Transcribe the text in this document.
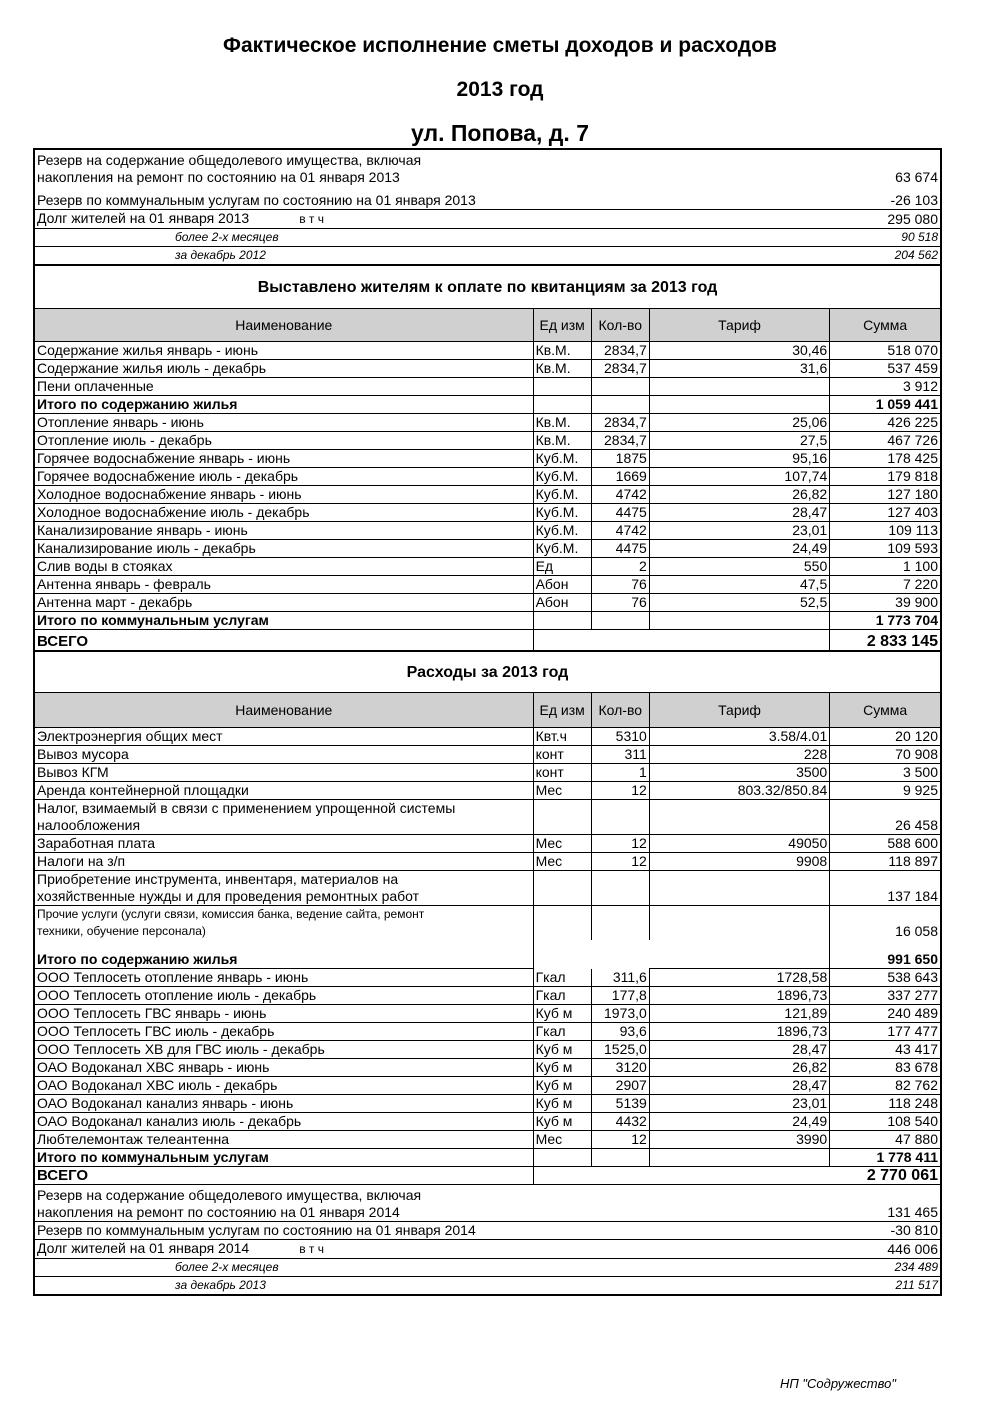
Фактическое исполнение сметы доходов и расходов
2013 год
ул. Попова, д. 7
Резерв на содержание общедолевого имущества, включая
накопления на ремонт по состоянию на 01 января 2013				63 674

Резерв по коммунальным услугам по состоянию на 01 января 2013				-26 103
Долг жителей на 01 января 2013 в т ч				295 080
более 2-х месяцев				90 518
за декабрь 2012				204 562
Выставлено жителям к оплате по квитанциям за 2013 год				
Наименование	Ед изм	Кол-во	Тариф	Сумма
Содержание жилья январь - июнь	Кв.М.	2834,7	30,46	518 070
Содержание жилья июль - декабрь	Кв.М.	2834,7	31,6	537 459
Пени оплаченные				3 912
Итого по содержанию жилья				1 059 441
Отопление январь - июнь	Кв.М.	2834,7	25,06	426 225
Отопление июль - декабрь	Кв.М.	2834,7	27,5	467 726
Горячее водоснабжение январь - июнь	Куб.М.	1875	95,16	178 425
Горячее водоснабжение июль - декабрь	Куб.М.	1669	107,74	179 818
Холодное водоснабжение январь - июнь	Куб.М.	4742	26,82	127 180
Холодное водоснабжение июль - декабрь	Куб.М.	4475	28,47	127 403
Канализирование январь - июнь	Куб.М.	4742	23,01	109 113
Канализирование июль - декабрь	Куб.М.	4475	24,49	109 593
Слив воды в стояках	Ед	2	550	1 100
Антенна январь - февраль	Абон	76	47,5	7 220
Антенна март - декабрь	Абон	76	52,5	39 900
Итого по коммунальным услугам				1 773 704
ВСЕГО				2 833 145
Расходы за 2013 год				
Наименование	Ед изм	Кол-во	Тариф	Сумма
Электроэнергия общих мест	Квт.ч	5310	3.58/4.01	20 120
Вывоз мусора	конт	311	228	70 908
Вывоз КГМ	конт	1	3500	3 500
Аренда контейнерной площадки	Мес	12	803.32/850.84	9 925

Налог, взимаемый в связи с применением упрощенной системы
налообложения				26 458
Заработная плата	Мес	12	49050	588 600
Налоги на з/п	Мес	12	9908	118 897

Приобретение инструмента, инвентаря, материалов на
хозяйственные нужды и для проведения ремонтных работ				137 184

Прочие услуги (услуги связи, комиссия банка, ведение сайта, ремонт
техники, обучение персонала)				16 058
Итого по содержанию жилья				991 650
ООО Теплосеть отопление январь - июнь	Гкал	311,6	1728,58	538 643
ООО Теплосеть отопление июль - декабрь	Гкал	177,8	1896,73	337 277
ООО Теплосеть ГВС январь - июнь	Куб м	1973,0	121,89	240 489
ООО Теплосеть ГВС июль - декабрь	Гкал	93,6	1896,73	177 477
ООО Теплосеть ХВ для ГВС июль - декабрь	Куб м	1525,0	28,47	43 417
ОАО Водоканал ХВС январь - июнь	Куб м	3120	26,82	83 678
ОАО Водоканал ХВС июль - декабрь	Куб м	2907	28,47	82 762
ОАО Водоканал канализ январь - июнь	Куб м	5139	23,01	118 248
ОАО Водоканал канализ июль - декабрь	Куб м	4432	24,49	108 540
Любтелемонтаж телеантенна	Мес	12	3990	47 880
Итого по коммунальным услугам				1 778 411
ВСЕГО				2 770 061

Резерв на содержание общедолевого имущества, включая
накопления на ремонт по состоянию на 01 января 2014				131 465
Резерв по коммунальным услугам по состоянию на 01 января 2014				-30 810
Долг жителей на 01 января 2014 в т ч				446 006
более 2-х месяцев				234 489
за декабрь 2013				211 517
НП "Содружество"
